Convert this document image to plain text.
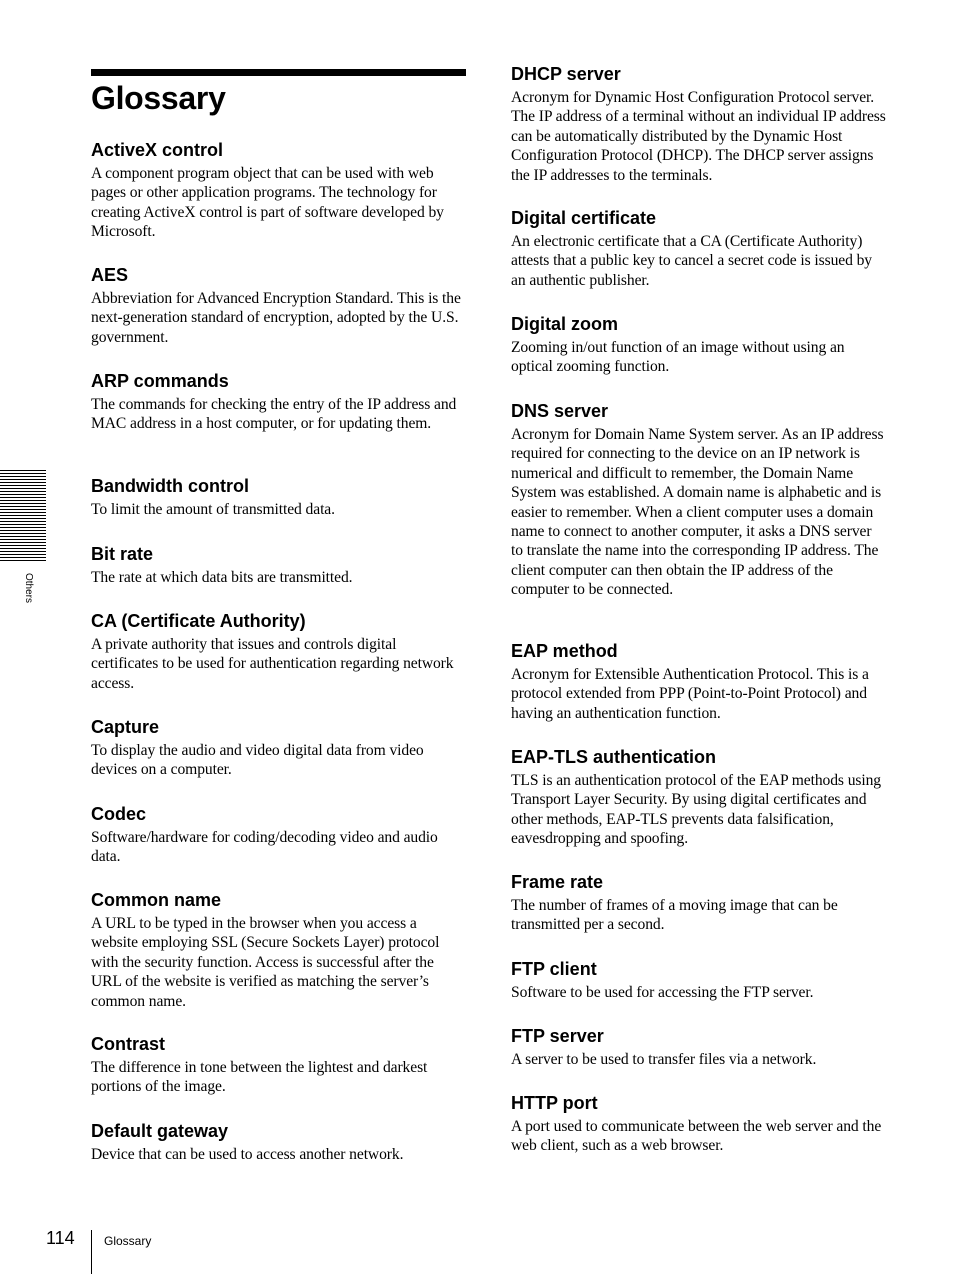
Glossary
ActiveX control

A component program object that can be used with web pages or other application programs. The technology for creating ActiveX control is part of software developed by Microsoft.

AES

Abbreviation for Advanced Encryption Standard. This is the next-generation standard of encryption, adopted by the U.S. government.

ARP commands

The commands for checking the entry of the IP address and MAC address in a host computer, or for updating them.

Bandwidth control

To limit the amount of transmitted data.

Bit rate

The rate at which data bits are transmitted.

CA (Certificate Authority)

A private authority that issues and controls digital certificates to be used for authentication regarding network access.

Capture

To display the audio and video digital data from video devices on a computer.

Codec

Software/hardware for coding/decoding video and audio data.

Common name

A URL to be typed in the browser when you access a website employing SSL (Secure Sockets Layer) protocol with the security function. Access is successful after the URL of the website is verified as matching the server’s common name.

Contrast

The difference in tone between the lightest and darkest portions of the image.

Default gateway

Device that can be used to access another network.

DHCP server

Acronym for Dynamic Host Configuration Protocol server. The IP address of a terminal without an individual IP address can be automatically distributed by the Dynamic Host Configuration Protocol (DHCP). The DHCP server assigns the IP addresses to the terminals.

Digital certificate

An electronic certificate that a CA (Certificate Authority) attests that a public key to cancel a secret code is issued by an authentic publisher.

Digital zoom

Zooming in/out function of an image without using an optical zooming function.

DNS server

Acronym for Domain Name System server. As an IP address required for connecting to the device on an IP network is numerical and difficult to remember, the Domain Name System was established. A domain name is alphabetic and is easier to remember. When a client computer uses a domain name to connect to another computer, it asks a DNS server to translate the name into the corresponding IP address. The client computer can then obtain the IP address of the computer to be connected.

EAP method

Acronym for Extensible Authentication Protocol. This is a protocol extended from PPP (Point-to-Point Protocol) and having an authentication function.

EAP-TLS authentication

TLS is an authentication protocol of the EAP methods using Transport Layer Security. By using digital certificates and other methods, EAP-TLS prevents data falsification, eavesdropping and spoofing.

Frame rate

The number of frames of a moving image that can be transmitted per a second.

FTP client

Software to be used for accessing the FTP server.

FTP server

A server to be used to transfer files via a network.

HTTP port

A port used to communicate between the web server and the web client, such as a web browser.

Others
114 Glossary
